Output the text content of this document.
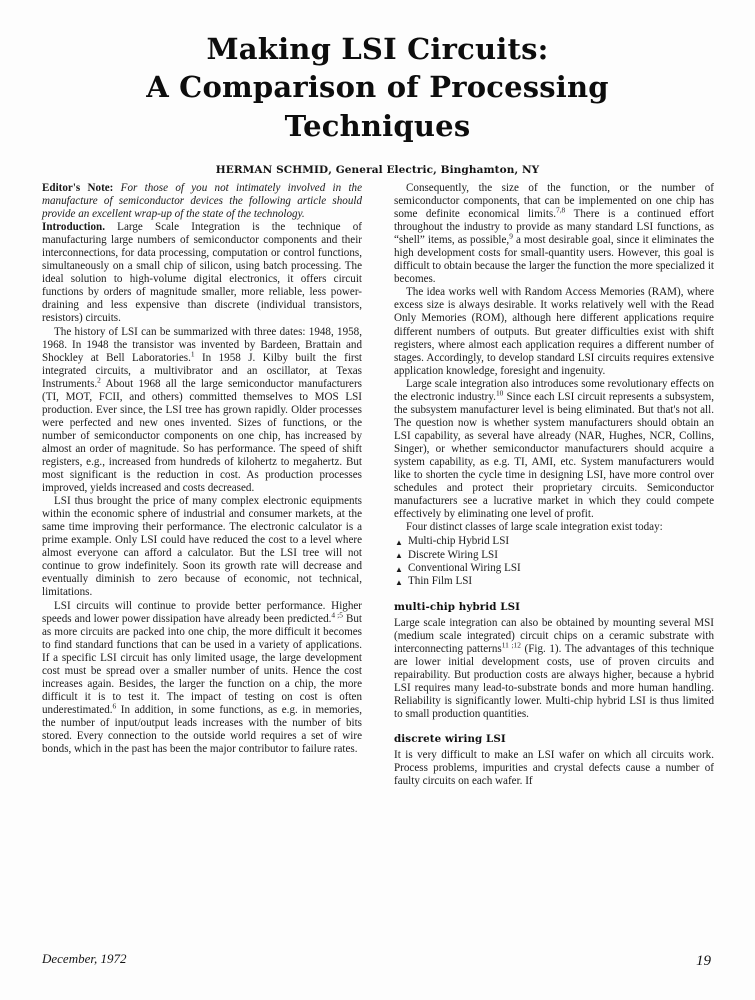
Making LSI Circuits:
A Comparison of Processing Techniques
HERMAN SCHMID, General Electric, Binghamton, NY

Editor's Note: For those of you not intimately involved in the manufacture of semiconductor devices the following article should provide an excellent wrap-up of the state of the technology.

Introduction. Large Scale Integration is the technique of manufacturing large numbers of semiconductor components and their interconnections, for data processing, computation or control functions, simultaneously on a small chip of silicon, using batch processing. The ideal solution to high-volume digital electronics, it offers circuit functions by orders of magnitude smaller, more reliable, less power-draining and less expensive than discrete (individual transistors, resistors) circuits.

The history of LSI can be summarized with three dates: 1948, 1958, 1968. In 1948 the transistor was invented by Bardeen, Brattain and Shockley at Bell Laboratories.$^1$ In 1958 J. Kilby built the first integrated circuits, a multivibrator and an oscillator, at Texas Instruments.$^2$ About 1968 all the large semiconductor manufacturers (TI, MOT, FCII, and others) committed themselves to MOS LSI production. Ever since, the LSI tree has grown rapidly. Older processes were perfected and new ones invented. Sizes of functions, or the number of semiconductor components on one chip, has increased by almost an order of magnitude. So has performance. The speed of shift registers, e.g., increased from hundreds of kilohertz to megahertz. But most significant is the reduction in cost. As production processes improved, yields increased and costs decreased.

LSI thus brought the price of many complex electronic equipments within the economic sphere of industrial and consumer markets, at the same time improving their performance. The electronic calculator is a prime example. Only LSI could have reduced the cost to a level where almost everyone can afford a calculator. But the LSI tree will not continue to grow indefinitely. Soon its growth rate will decrease and eventually diminish to zero because of economic, not technical, limitations.

LSI circuits will continue to provide better performance. Higher speeds and lower power dissipation have already been predicted.$^{4 ;5}$ But as more circuits are packed into one chip, the more difficult it becomes to find standard functions that can be used in a variety of applications. If a specific LSI circuit has only limited usage, the large development cost must be spread over a smaller number of units. Hence the cost increases again. Besides, the larger the function on a chip, the more difficult it is to test it. The impact of testing on cost is often underestimated.$^6$ In addition, in some functions, as e.g. in memories, the number of input/output leads increases with the number of bits stored. Every connection to the outside world requires a set of wire bonds, which in the past has been the major contributor to failure rates.

Consequently, the size of the function, or the number of semiconductor components, that can be implemented on one chip has some definite economical limits.$^{7,8}$ There is a continued effort throughout the industry to provide as many standard LSI functions, as “shell” items, as possible,$^9$ a most desirable goal, since it eliminates the high development costs for small-quantity users. However, this goal is difficult to obtain because the larger the function the more specialized it becomes.

The idea works well with Random Access Memories (RAM), where excess size is always desirable. It works relatively well with the Read Only Memories (ROM), although here different applications require different numbers of outputs. But greater difficulties exist with shift registers, where almost each application requires a different number of stages. Accordingly, to develop standard LSI circuits requires extensive application knowledge, foresight and ingenuity.

Large scale integration also introduces some revolutionary effects on the electronic industry.$^{10}$ Since each LSI circuit represents a subsystem, the subsystem manufacturer level is being eliminated. But that's not all. The question now is whether system manufacturers should obtain an LSI capability, as several have already (NAR, Hughes, NCR, Collins, Singer), or whether semiconductor manufacturers should acquire a system capability, as e.g. TI, AMI, etc. System manufacturers would like to shorten the cycle time in designing LSI, have more control over schedules and protect their proprietary circuits. Semiconductor manufacturers see a lucrative market in which they could compete effectively by eliminating one level of profit.

Four distinct classes of large scale integration exist today:

▲ Multi-chip Hybrid LSI
▲ Discrete Wiring LSI
▲ Conventional Wiring LSI
▲ Thin Film LSI
multi-chip hybrid LSI

Large scale integration can also be obtained by mounting several MSI (medium scale integrated) circuit chips on a ceramic substrate with interconnecting patterns$^{11 ;12}$ (Fig. 1). The advantages of this technique are lower initial development costs, use of proven circuits and repairability. But production costs are always higher, because a hybrid LSI requires many lead-to-substrate bonds and more human handling. Reliability is significantly lower. Multi-chip hybrid LSI is thus limited to small production quantities.

discrete wiring LSI

It is very difficult to make an LSI wafer on which all circuits work. Process problems, impurities and crystal defects cause a number of faulty circuits on each wafer. If

December, 1972	19
